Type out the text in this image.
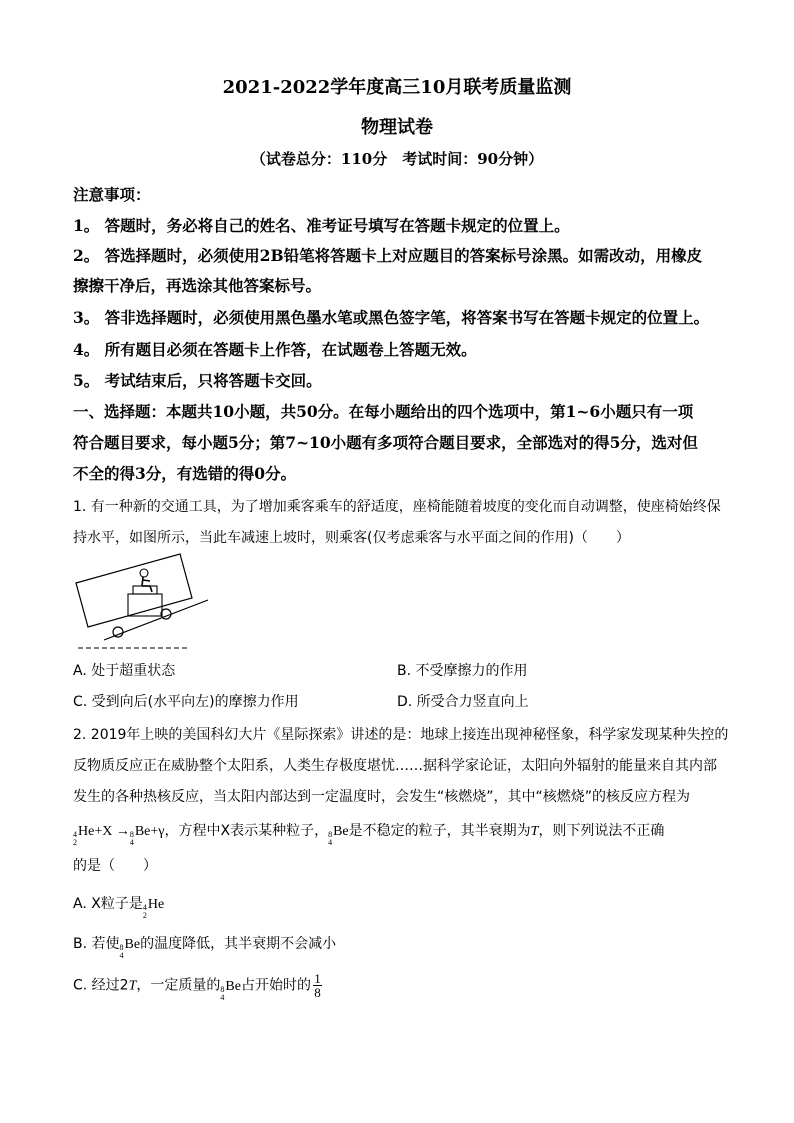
2021-2022学年度高三10月联考质量监测
物理试卷
（试卷总分：110分　考试时间：90分钟）
注意事项：
1。 答题时，务必将自己的姓名、准考证号填写在答题卡规定的位置上。
2。 答选择题时，必须使用2B铅笔将答题卡上对应题目的答案标号涂黑。如需改动，用橡皮
擦擦干净后，再选涂其他答案标号。
3。 答非选择题时，必须使用黑色墨水笔或黑色签字笔，将答案书写在答题卡规定的位置上。
4。 所有题目必须在答题卡上作答，在试题卷上答题无效。
5。 考试结束后，只将答题卡交回。
一、选择题：本题共10小题，共50分。在每小题给出的四个选项中，第1~6小题只有一项
符合题目要求，每小题5分；第7~10小题有多项符合题目要求，全部选对的得5分，选对但
不全的得3分，有选错的得0分。
1. 有一种新的交通工具，为了增加乘客乘车的舒适度，座椅能随着坡度的变化而自动调整，使座椅始终保
持水平，如图所示，当此车减速上坡时，则乘客(仅考虑乘客与水平面之间的作用)（　　）
A. 处于超重状态	B. 不受摩擦力的作用
C. 受到向后(水平向左)的摩擦力作用	D. 所受合力竖直向上
2. 2019年上映的美国科幻大片《星际探索》讲述的是：地球上接连出现神秘怪象，科学家发现某种失控的
反物质反应正在威胁整个太阳系，人类生存极度堪忧……据科学家论证，太阳向外辐射的能量来自其内部
发生的各种热核反应，当太阳内部达到一定温度时，会发生“核燃烧”，其中“核燃烧”的核反应方程为
4
2
He+X → 8
4
Be+γ，方程中X表示某种粒子， 8
4
Be是不稳定的粒子，其半衰期为T，则下列说法不正确
的是（　　）
A. X粒子是 4
2
He
B. 若使 8
4
Be的温度降低，其半衰期不会减小
C. 经过2T，一定质量的 8
4
Be占开始时的 $\frac{1}{8}$
